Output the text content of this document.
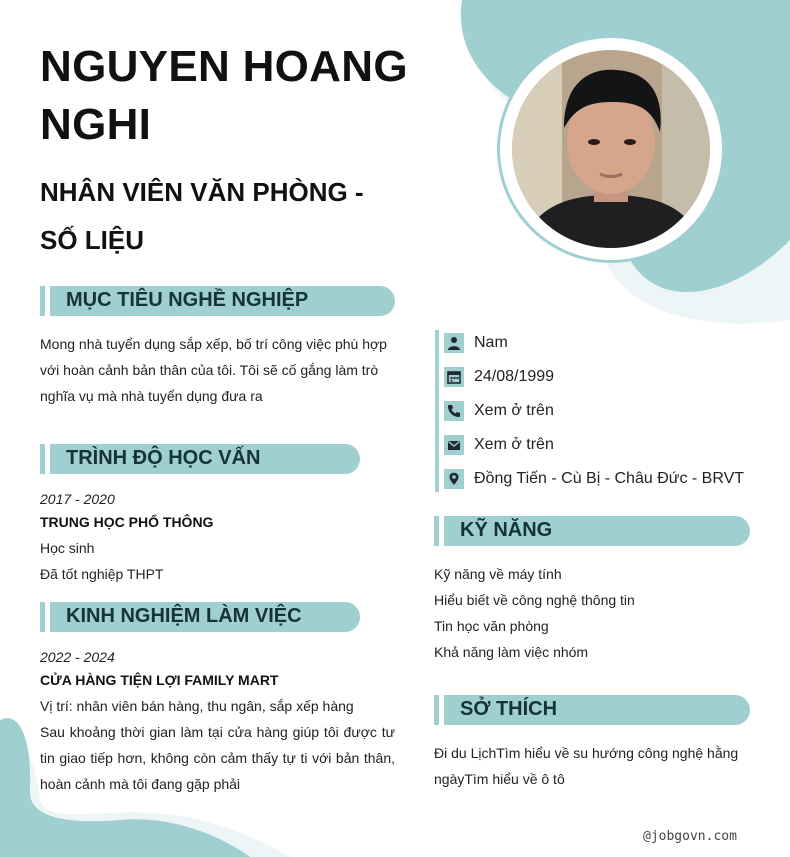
NGUYEN HOANG
NGHI
NHÂN VIÊN VĂN PHÒNG -
SỐ LIỆU
MỤC TIÊU NGHỀ NGHIỆP
Mong nhà tuyển dụng sắp xếp, bố trí công việc phù hợp với hoàn cảnh bản thân của tôi. Tôi sẽ cố gắng làm trò nghĩa vụ mà nhà tuyển dụng đưa ra
TRÌNH ĐỘ HỌC VẤN
2017 - 2020
TRUNG HỌC PHỔ THÔNG
Học sinh
Đã tốt nghiệp THPT
KINH NGHIỆM LÀM VIỆC
2022 - 2024
CỬA HÀNG TIỆN LỢI FAMILY MART
Vị trí: nhân viên bán hàng, thu ngân, sắp xếp hàng
Sau khoảng thời gian làm tại cửa hàng giúp tôi được tư tin giao tiếp hơn, không còn cảm thấy tự ti với bản thân, hoàn cảnh mà tôi đang gặp phải
Nam
24/08/1999
Xem ở trên
Xem ở trên
Đồng Tiến - Cù Bị - Châu Đức - BRVT
KỸ NĂNG
Kỹ năng về máy tính
Hiểu biết về công nghệ thông tin
Tin học văn phòng
Khả năng làm việc nhóm
SỞ THÍCH
Đi du LịchTìm hiểu về su hướng công nghệ hằng
ngàyTìm hiểu về ô tô
@jobgovn.com
